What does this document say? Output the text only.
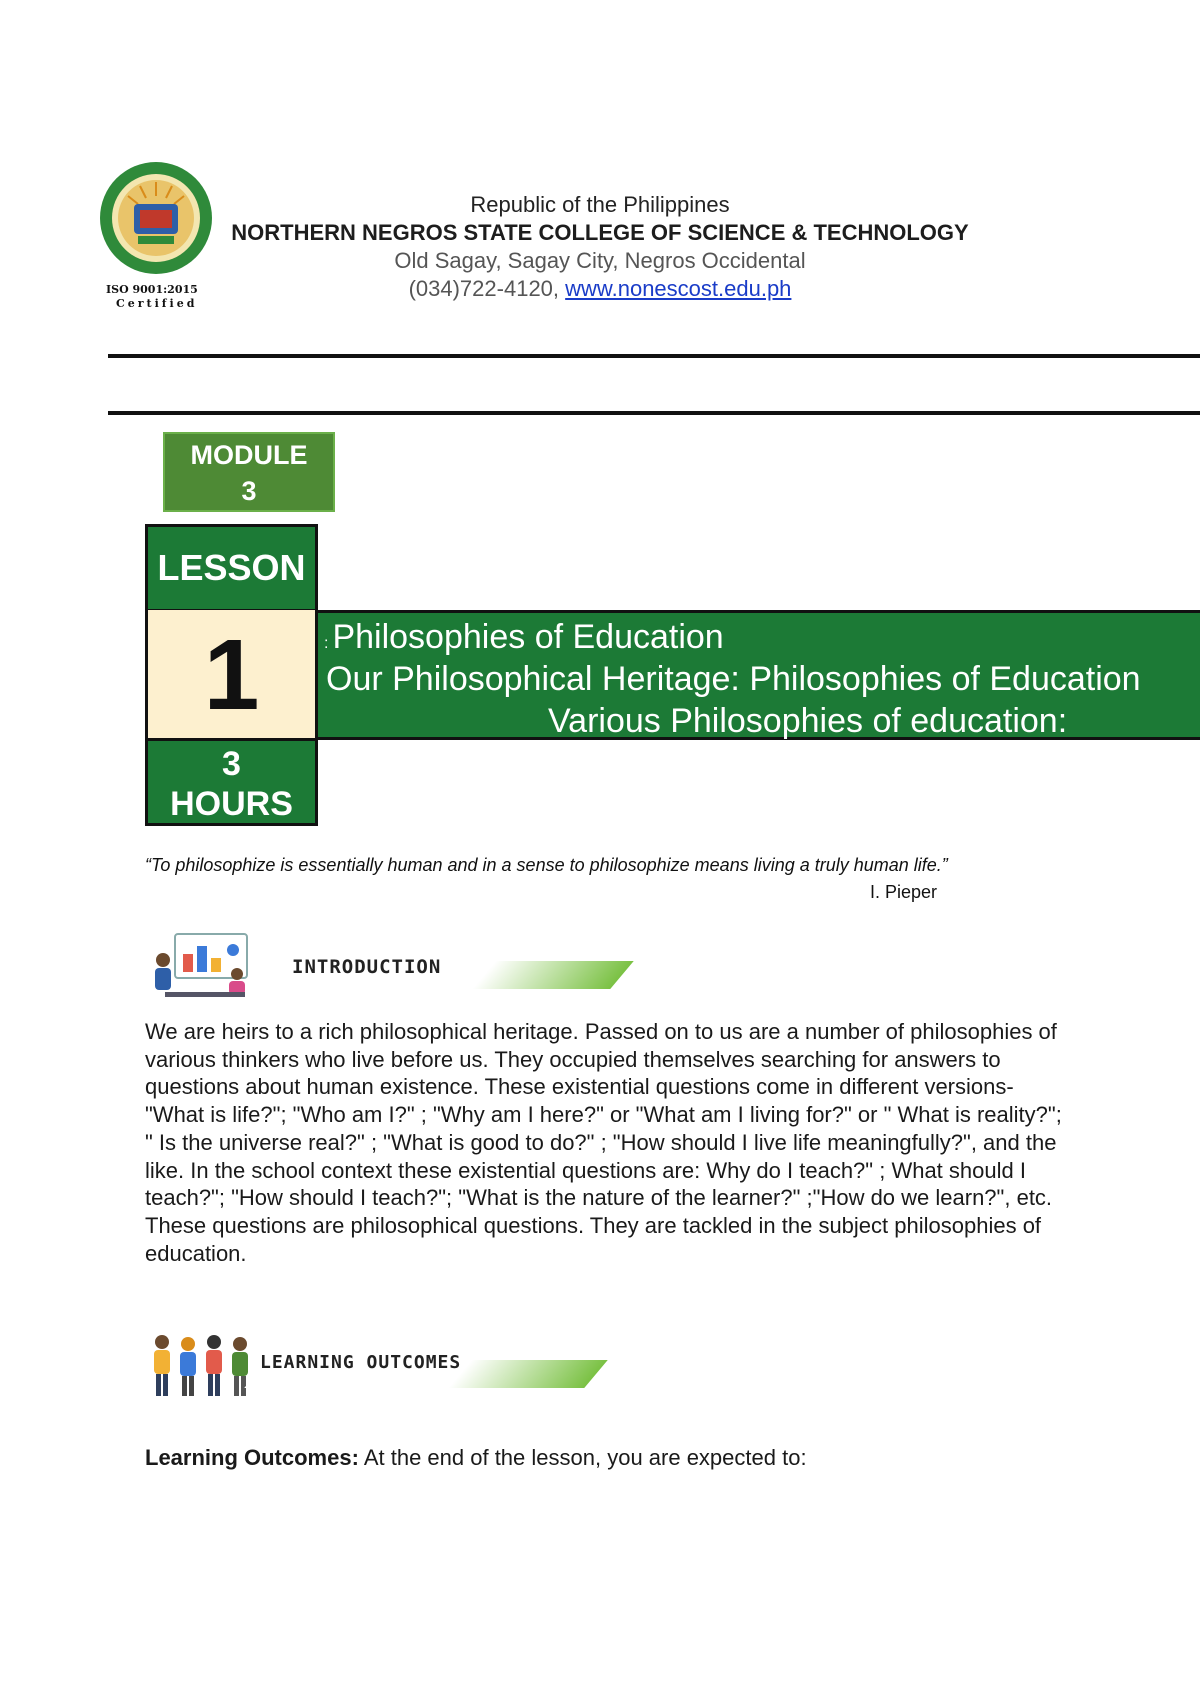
ISO 9001:2015
Certified
Republic of the Philippines
NORTHERN NEGROS STATE COLLEGE OF SCIENCE & TECHNOLOGY
Old Sagay, Sagay City, Negros Occidental
(034)722-4120, www.nonescost.edu.ph
MODULE
3
LESSON
1
3
HOURS
: Philosophies of Education
Our Philosophical Heritage: Philosophies of Education
Various Philosophies of education:
“To philosophize is essentially human and in a sense to philosophize means living a truly human life.”
I. Pieper
INTRODUCTION
We are heirs to a rich philosophical heritage. Passed on to us are a number of philosophies of various thinkers who live before us. They occupied themselves searching for answers to questions about human existence. These existential questions come in different versions- "What is life?"; "Who am I?" ; "Why am I here?" or "What am I living for?" or " What is reality?"; " Is the universe real?" ; "What is good to do?" ; "How should I live life meaningfully?", and the like. In the school context these existential questions are: Why do I teach?" ; What should I teach?"; "How should I teach?"; "What is the nature of the learner?" ;"How do we learn?", etc. These questions are philosophical questions. They are tackled in the subject philosophies of education.
LEARNING OUTCOMES
Learning Outcomes: At the end of the lesson, you are expected to:
